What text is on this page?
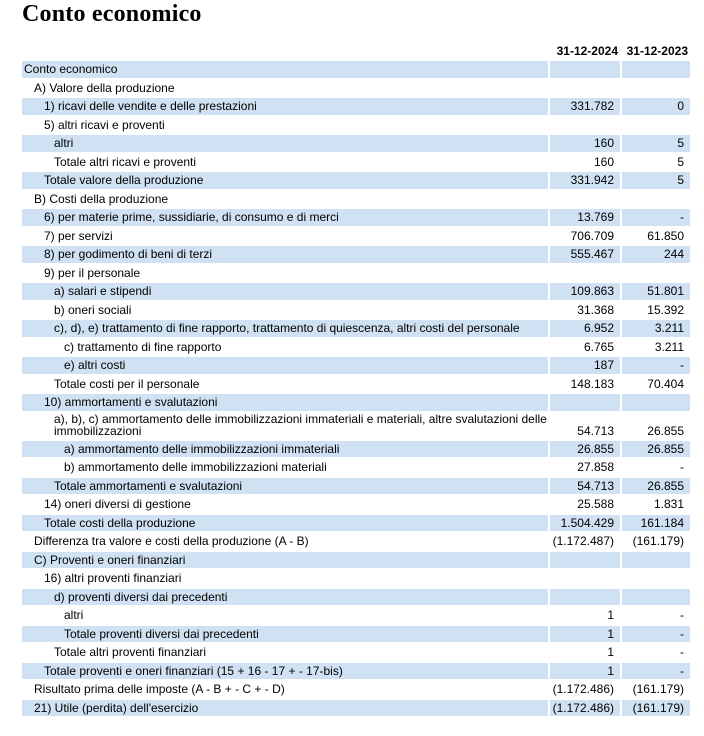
Conto economico
31-12-2024 31-12-2023
Conto economico
A) Valore della produzione
1) ricavi delle vendite e delle prestazioni	331.782	0
5) altri ricavi e proventi
altri	160	5
Totale altri ricavi e proventi	160	5
Totale valore della produzione	331.942	5
B) Costi della produzione
6) per materie prime, sussidiarie, di consumo e di merci	13.769	-
7) per servizi	706.709	61.850
8) per godimento di beni di terzi	555.467	244
9) per il personale
a) salari e stipendi	109.863	51.801
b) oneri sociali	31.368	15.392
c), d), e) trattamento di fine rapporto, trattamento di quiescenza, altri costi del personale	6.952	3.211
c) trattamento di fine rapporto	6.765	3.211
e) altri costi	187	-
Totale costi per il personale	148.183	70.404
10) ammortamenti e svalutazioni
a), b), c) ammortamento delle immobilizzazioni immateriali e materiali, altre svalutazioni delle immobilizzazioni	54.713	26.855
a) ammortamento delle immobilizzazioni immateriali	26.855	26.855
b) ammortamento delle immobilizzazioni materiali	27.858	-
Totale ammortamenti e svalutazioni	54.713	26.855
14) oneri diversi di gestione	25.588	1.831
Totale costi della produzione	1.504.429	161.184
Differenza tra valore e costi della produzione (A - B)	(1.172.487)	(161.179)
C) Proventi e oneri finanziari
16) altri proventi finanziari
d) proventi diversi dai precedenti
altri	1	-
Totale proventi diversi dai precedenti	1	-
Totale altri proventi finanziari	1	-
Totale proventi e oneri finanziari (15 + 16 - 17 + - 17-bis)	1	-
Risultato prima delle imposte (A - B + - C + - D)	(1.172.486)	(161.179)
21) Utile (perdita) dell'esercizio	(1.172.486)	(161.179)
